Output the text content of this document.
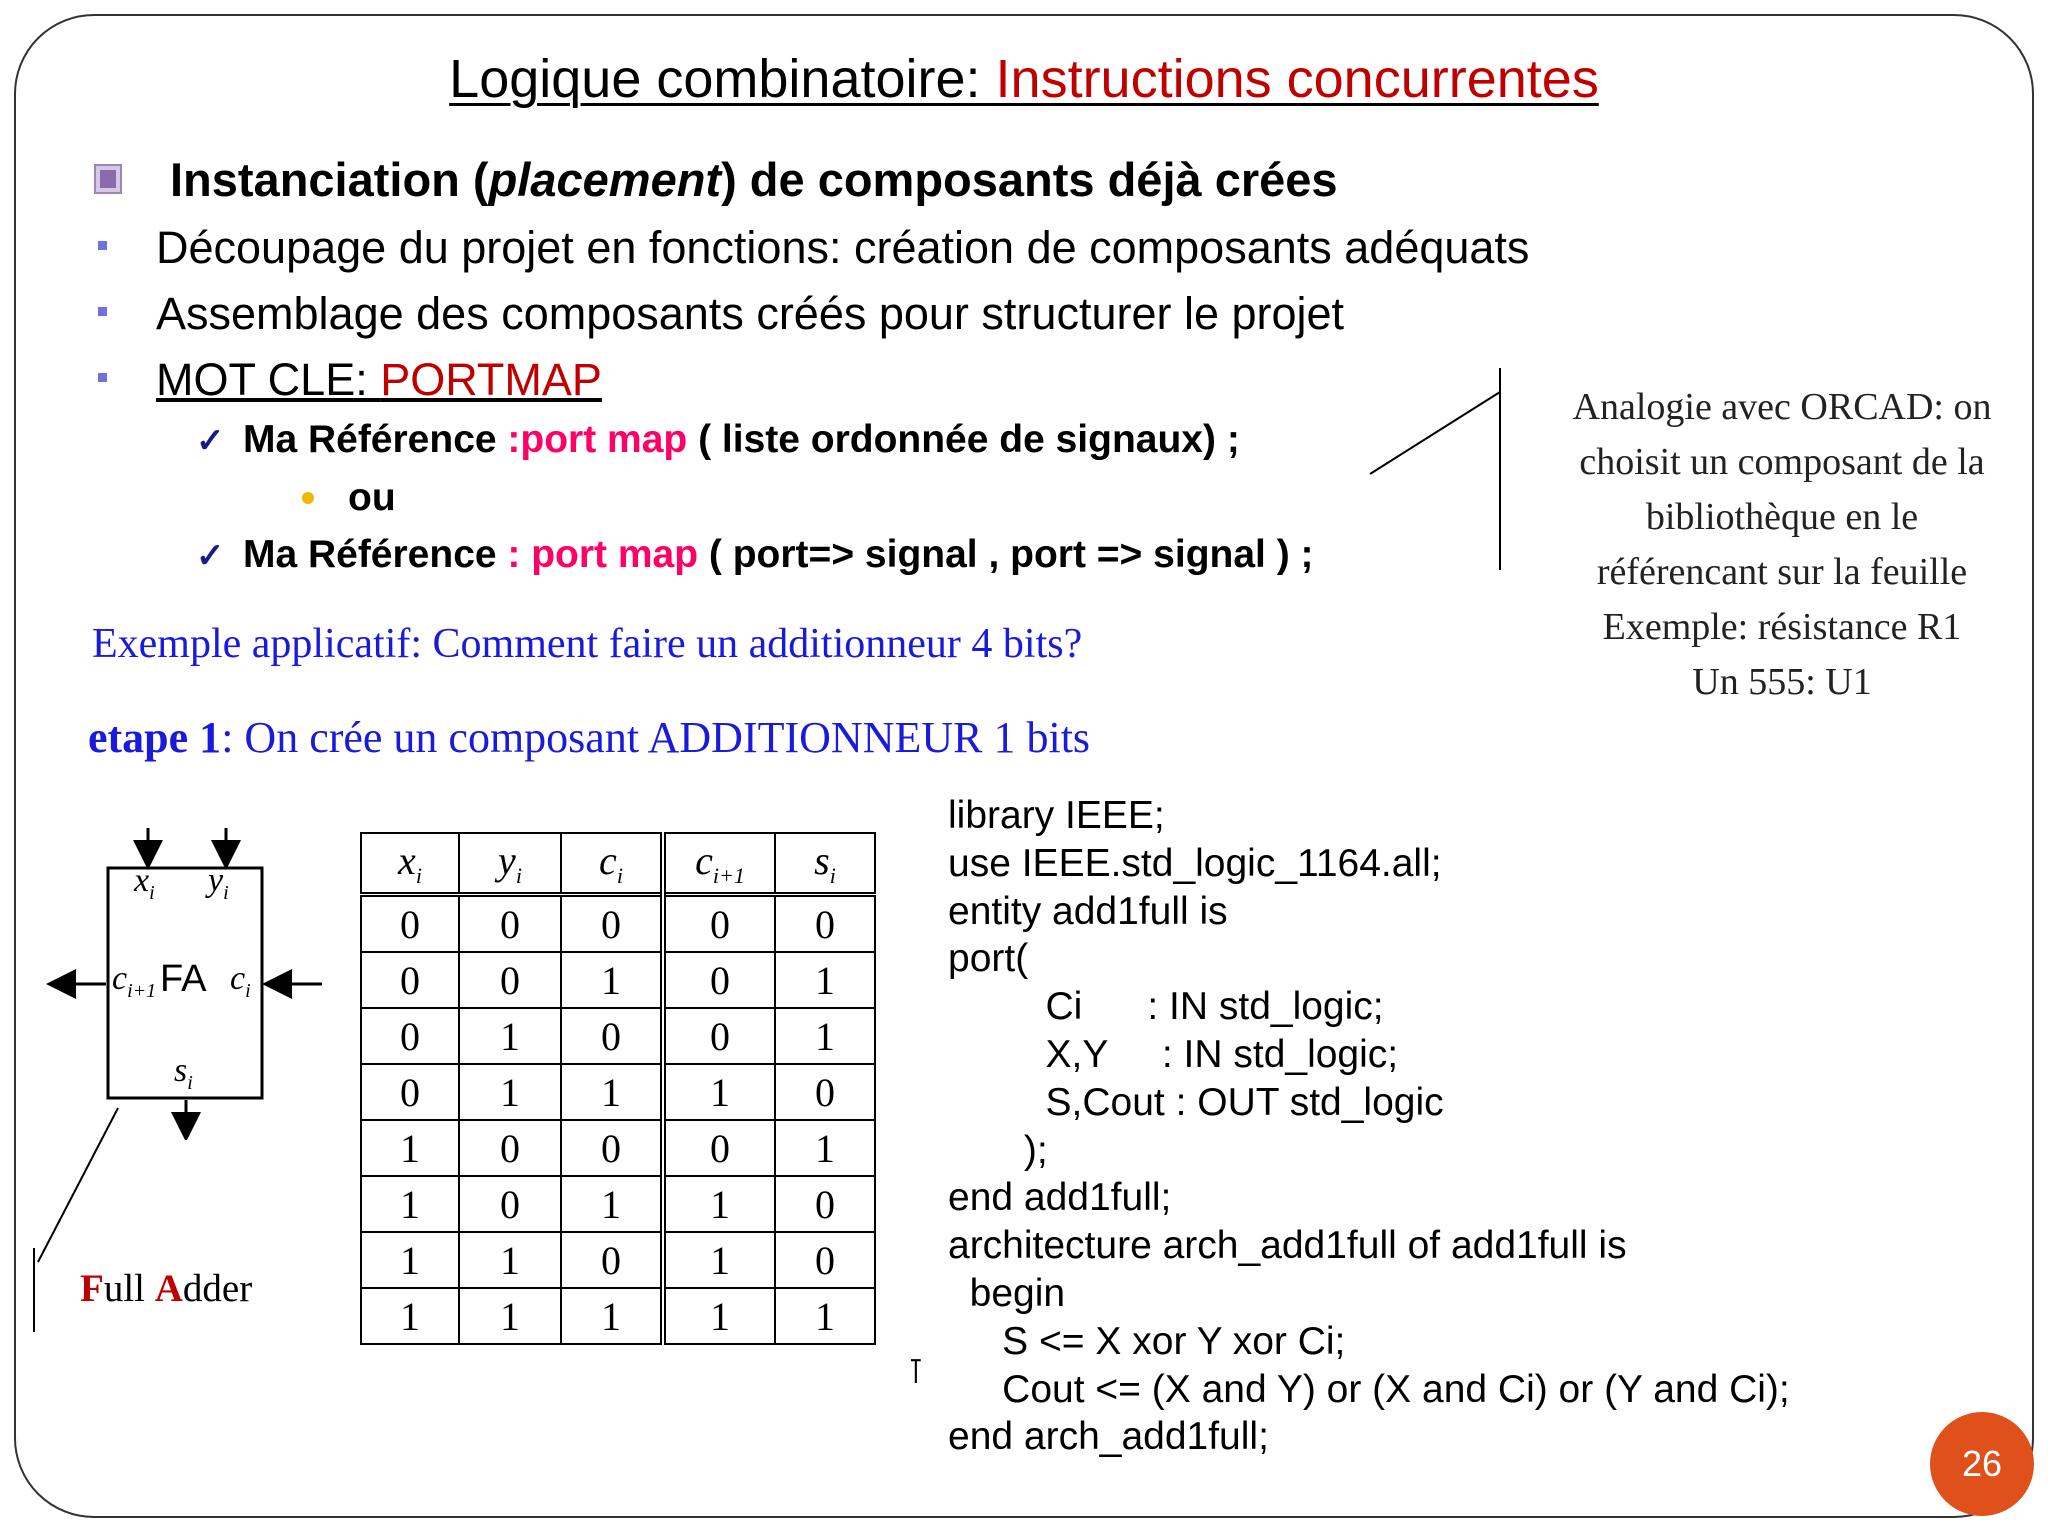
Logique combinatoire: Instructions concurrentes
Instanciation (placement) de composants déjà crées
Découpage du projet en fonctions: création de composants adéquats
Assemblage des composants créés pour structurer le projet
MOT CLE: PORTMAP
✓ Ma Référence :port map ( liste ordonnée de signaux) ;
ou
✓ Ma Référence : port map ( port=> signal , port => signal ) ;
Analogie avec ORCAD: on
choisit un composant de la
bibliothèque en le
référencant sur la feuille
Exemple: résistance R1
Un 555: U1
Exemple applicatif: Comment faire un additionneur 4 bits?
etape 1: On crée un composant ADDITIONNEUR 1 bits
$x_i$ $y_i$
$c_{i+1}$ FA $c_i$
$s_i$
Full Adder
$x_i$	$y_i$	$c_i$	$c_{i+1}$	$s_i$
0	0	0	0	0
0	0	1	0	1
0	1	0	0	1
0	1	1	1	0
1	0	0	0	1
1	0	1	1	0
1	1	0	1	0
1	1	1	1	1
⊺
library IEEE;
use IEEE.std_logic_1164.all;
entity add1full is
port(
Ci      : IN std_logic;
X,Y     : IN std_logic;
S,Cout : OUT std_logic
);
end add1full;
architecture arch_add1full of add1full is
begin
S <= X xor Y xor Ci;
Cout <= (X and Y) or (X and Ci) or (Y and Ci);
end arch_add1full;
26
